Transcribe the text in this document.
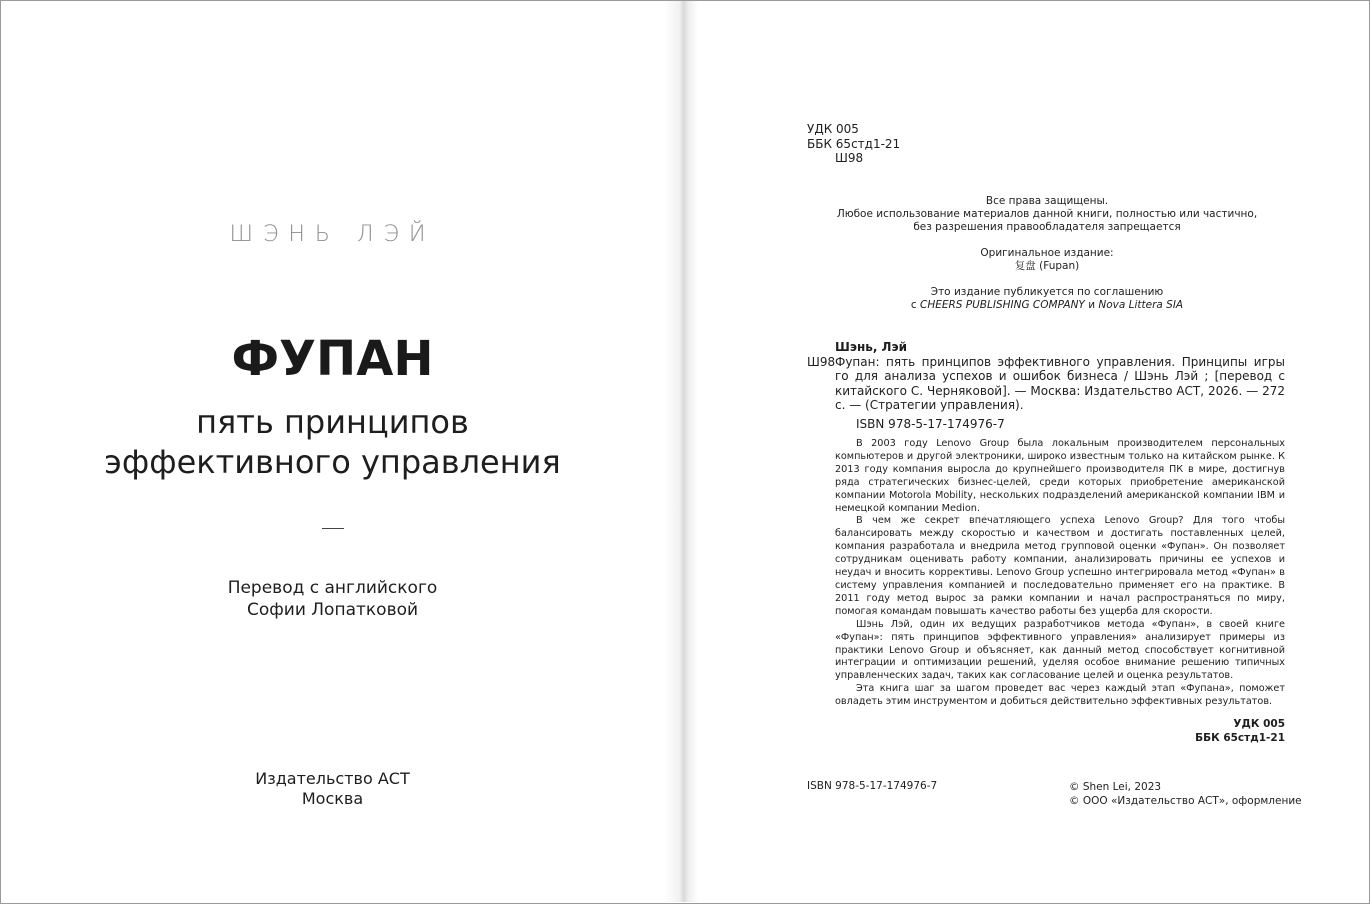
ШЭНЬ ЛЭЙ
ФУПАН
пять принципов
эффективного управления
Перевод с английского
Софии Лопатковой
Издательство АСТ
Москва
УДК 005
ББК 65стд1-21
Ш98

Все права защищены.
Любое использование материалов данной книги, полностью или частично,
без разрешения правообладателя запрещается

Оригинальное издание:
复盘 (Fupan)

Это издание публикуется по соглашению
с CHEERS PUBLISHING COMPANY и Nova Littera SIA

Шэнь, Лэй
Ш98 Фупан: пять принципов эффективного управления. Принципы игры го для анализа успехов и ошибок бизнеса / Шэнь Лэй ; [перевод с китайского С. Черняковой]. — Москва: Издательство АСТ, 2026. — 272 с. — (Стратегии управления).
ISBN 978-5-17-174976-7

В 2003 году Lenovo Group была локальным производителем персональных компьютеров и другой электроники, широко известным только на китайском рынке. К 2013 году компания выросла до крупнейшего производителя ПК в мире, достигнув ряда стратегических бизнес-целей, среди которых приобретение американской компании Motorola Mobility, нескольких подразделений американской компании IBM и немецкой компании Medion.

В чем же секрет впечатляющего успеха Lenovo Group? Для того чтобы балансировать между скоростью и качеством и достигать поставленных целей, компания разработала и внедрила метод групповой оценки «Фупан». Он позволяет сотрудникам оценивать работу компании, анализировать причины ее успехов и неудач и вносить коррективы. Lenovo Group успешно интегрировала метод «Фупан» в систему управления компанией и последовательно применяет его на практике. В 2011 году метод вырос за рамки компании и начал распространяться по миру, помогая командам повышать качество работы без ущерба для скорости.

Шэнь Лэй, один их ведущих разработчиков метода «Фупан», в своей книге «Фупан»: пять принципов эффективного управления» анализирует примеры из практики Lenovo Group и объясняет, как данный метод способствует когнитивной интеграции и оптимизации решений, уделяя особое внимание решению типичных управленческих задач, таких как согласование целей и оценка результатов.

Эта книга шаг за шагом проведет вас через каждый этап «Фупана», поможет овладеть этим инструментом и добиться действительно эффективных результатов.

УДК 005
ББК 65стд1-21
ISBN 978-5-17-174976-7	© Shen Lei, 2023
© ООО «Издательство АСТ», оформление
